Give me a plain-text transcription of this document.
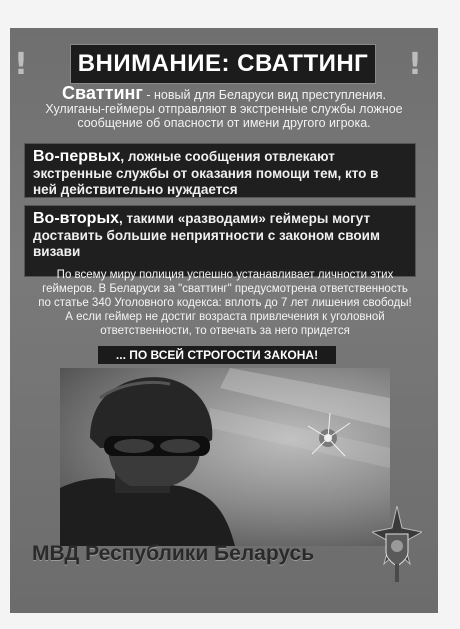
!	!
ВНИМАНИЕ: СВАТТИНГ
Сваттинг - новый для Беларуси вид преступления.
Хулиганы-геймеры отправляют в экстренные службы ложное
сообщение об опасности от имени другого игрока.
Во-первых, ложные сообщения отвлекают
экстренные службы от оказания помощи тем, кто в
ней действительно нуждается
Во-вторых, такими «разводами» геймеры могут
доставить большие неприятности с законом своим
визави
По всему миру полиция успешно устанавливает личности этих
геймеров. В Беларуси за "сваттинг" предусмотрена ответственность
по статье 340 Уголовного кодекса: вплоть до 7 лет лишения свободы!
А если геймер не достиг возраста привлечения к уголовной
ответственности, то отвечать за него придется
... ПО ВСЕЙ СТРОГОСТИ ЗАКОНА!
МВД Республики Беларусь
